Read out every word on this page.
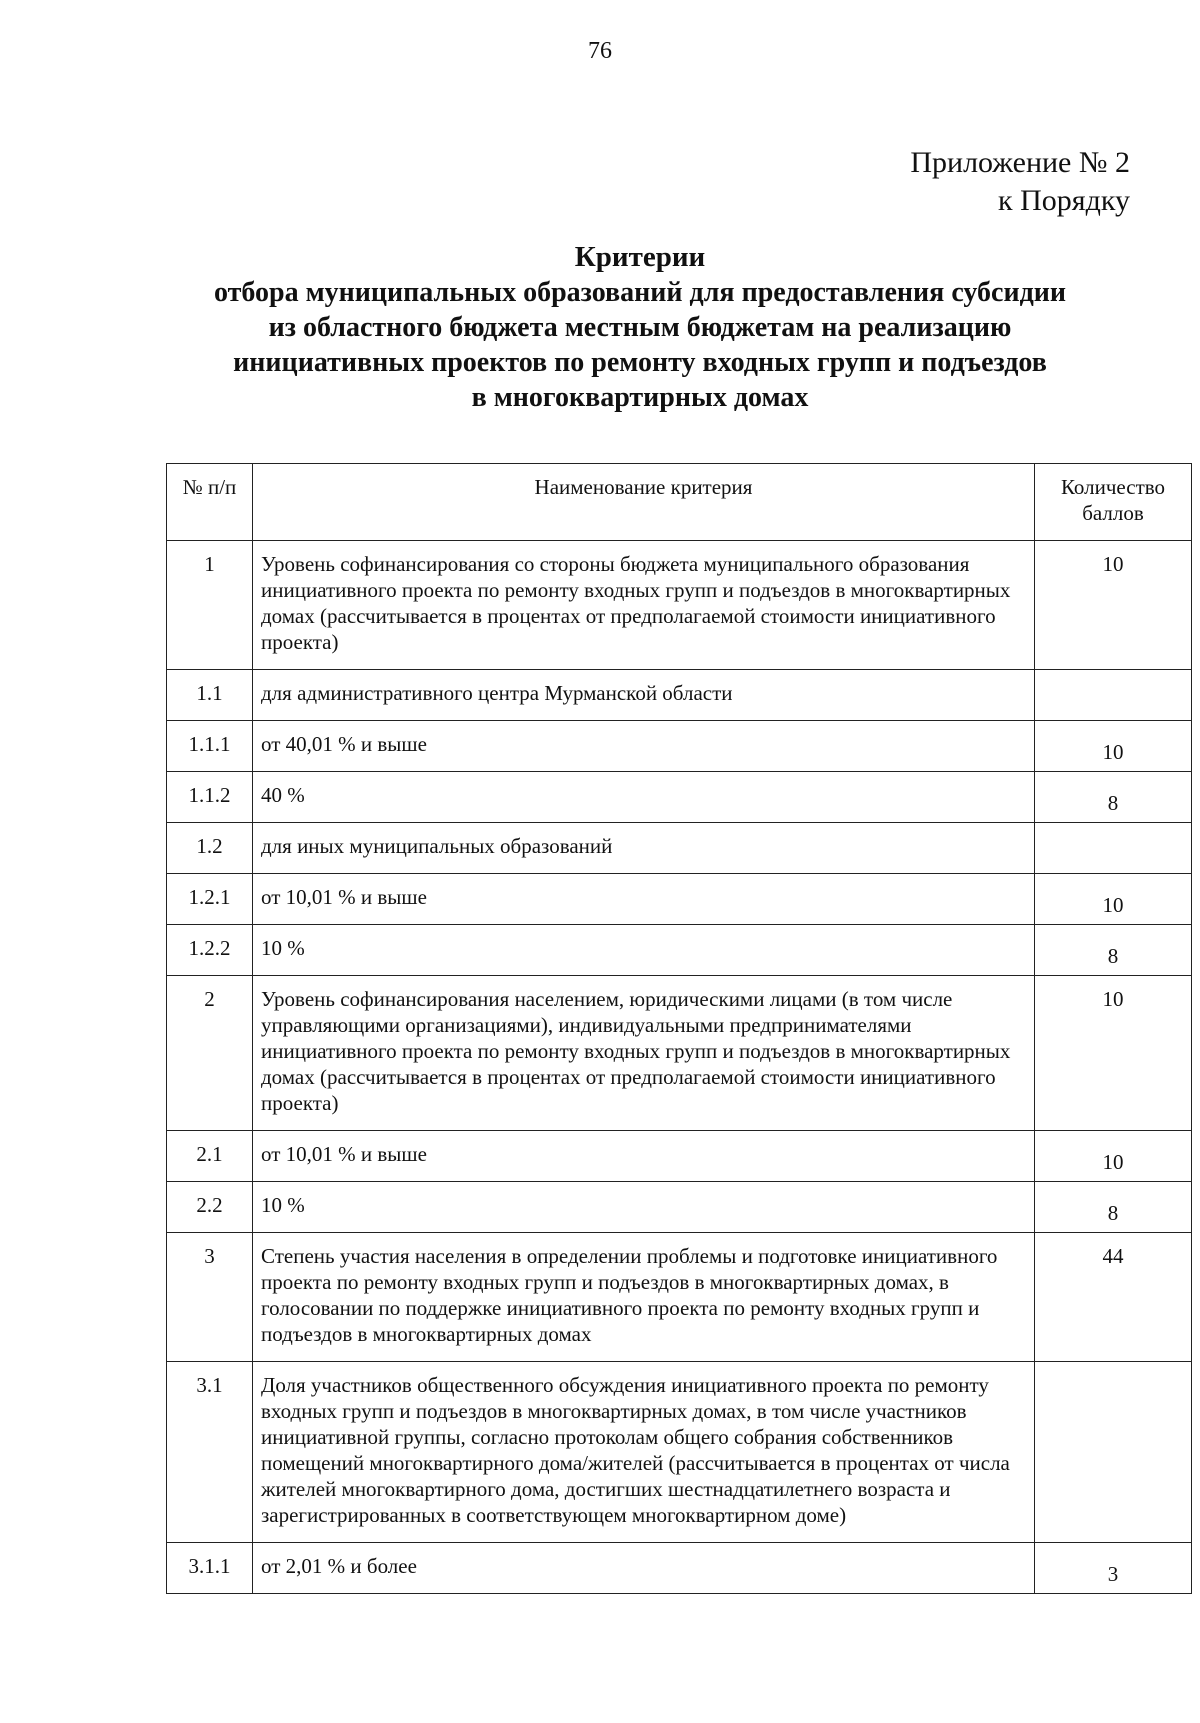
76
Приложение № 2
к Порядку
Критерии
отбора муниципальных образований для предоставления субсидии
из областного бюджета местным бюджетам на реализацию
инициативных проектов по ремонту входных групп и подъездов
в многоквартирных домах
№ п/п	Наименование критерия	Количество баллов
1	Уровень софинансирования со стороны бюджета муниципального образования инициативного проекта по ремонту входных групп и подъездов в многоквартирных домах (рассчитывается в процентах от предполагаемой стоимости инициативного проекта)	10
1.1	для административного центра Мурманской области	
1.1.1	от 40,01 % и выше	10
1.1.2	40 %	8
1.2	для иных муниципальных образований	
1.2.1	от 10,01 % и выше	10
1.2.2	10 %	8
2	Уровень софинансирования населением, юридическими лицами (в том числе управляющими организациями), индивидуальными предпринимателями инициативного проекта по ремонту входных групп и подъездов в многоквартирных домах (рассчитывается в процентах от предполагаемой стоимости инициативного проекта)	10
2.1	от 10,01 % и выше	10
2.2	10 %	8
3	Степень участия населения в определении проблемы и подготовке инициативного проекта по ремонту входных групп и подъездов в многоквартирных домах, в голосовании по поддержке инициативного проекта по ремонту входных групп и подъездов в многоквартирных домах	44
3.1	Доля участников общественного обсуждения инициативного проекта по ремонту входных групп и подъездов в многоквартирных домах, в том числе участников инициативной группы, согласно протоколам общего собрания собственников помещений многоквартирного дома/жителей (рассчитывается в процентах от числа жителей многоквартирного дома, достигших шестнадцатилетнего возраста и зарегистрированных в соответствующем многоквартирном доме)	
3.1.1	от 2,01 % и более	3
